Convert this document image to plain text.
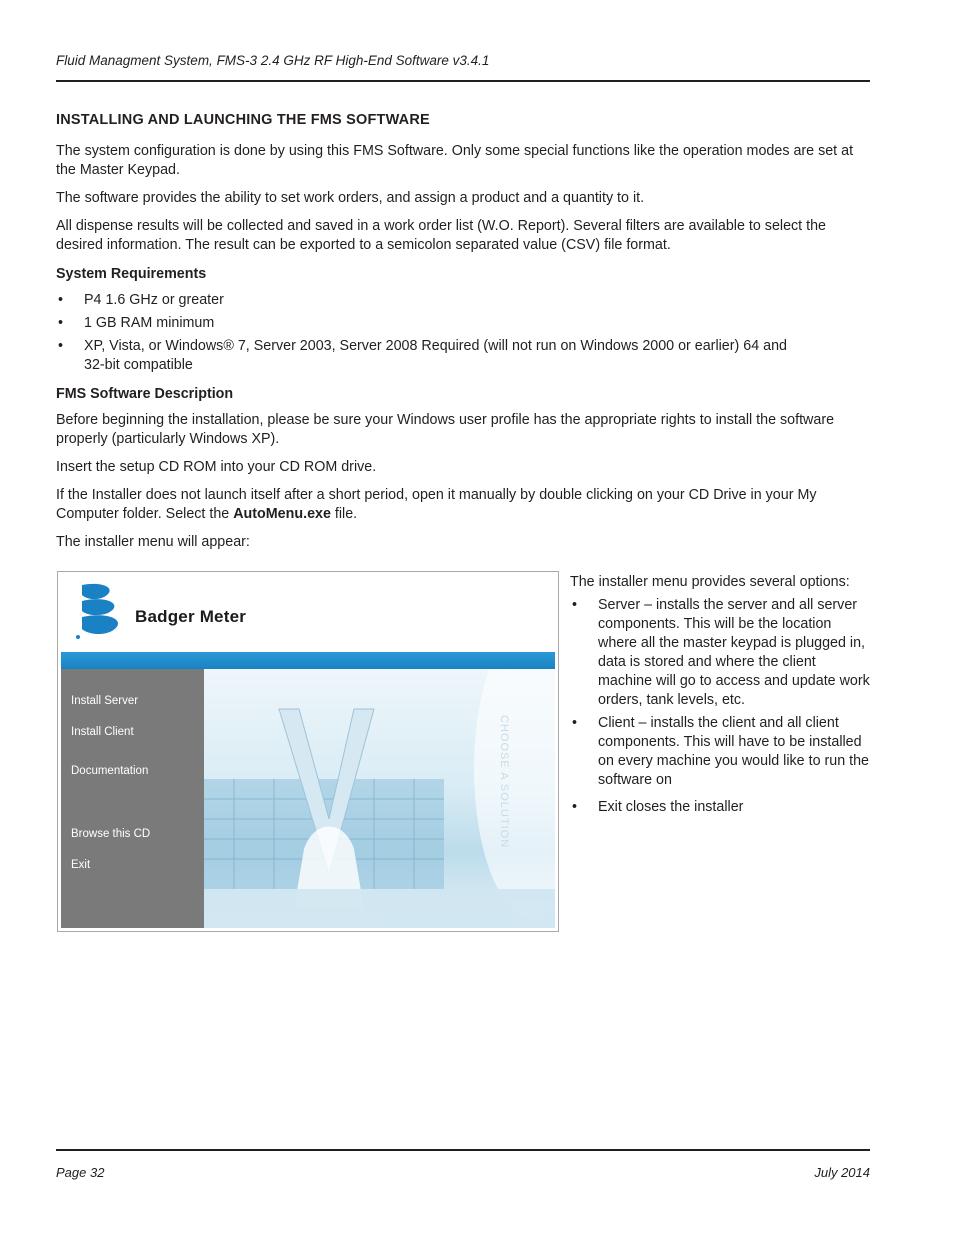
Fluid Managment System, FMS-3 2.4 GHz RF High-End Software v3.4.1
INSTALLING AND LAUNCHING THE FMS SOFTWARE

The system configuration is done by using this FMS Software. Only some special functions like the operation modes are set at the Master Keypad.

The software provides the ability to set work orders, and assign a product and a quantity to it.

All dispense results will be collected and saved in a work order list (W.O. Report). Several filters are available to select the desired information. The result can be exported to a semicolon separated value (CSV) file format.

System Requirements
• P4 1.6 GHz or greater
• 1 GB RAM minimum
• XP, Vista, or Windows® 7, Server 2003, Server 2008 Required (will not run on Windows 2000 or earlier) 64 and 32-bit compatible
FMS Software Description

Before beginning the installation, please be sure your Windows user profile has the appropriate rights to install the software properly (particularly Windows XP).

Insert the setup CD ROM into your CD ROM drive.

If the Installer does not launch itself after a short period, open it manually by double clicking on your CD Drive in your My Computer folder. Select the AutoMenu.exe file.

The installer menu will appear:

Badger Meter
Install Server
Install Client
Documentation
Browse this CD
Exit
CHOOSE A SOLUTION

The installer menu provides several options:

• Server – installs the server and all server components. This will be the location where all the master keypad is plugged in, data is stored and where the client machine will go to access and update work orders, tank levels, etc.
• Client – installs the client and all client components. This will have to be installed on every machine you would like to run the software on
• Exit closes the installer
Page 32	July 2014
